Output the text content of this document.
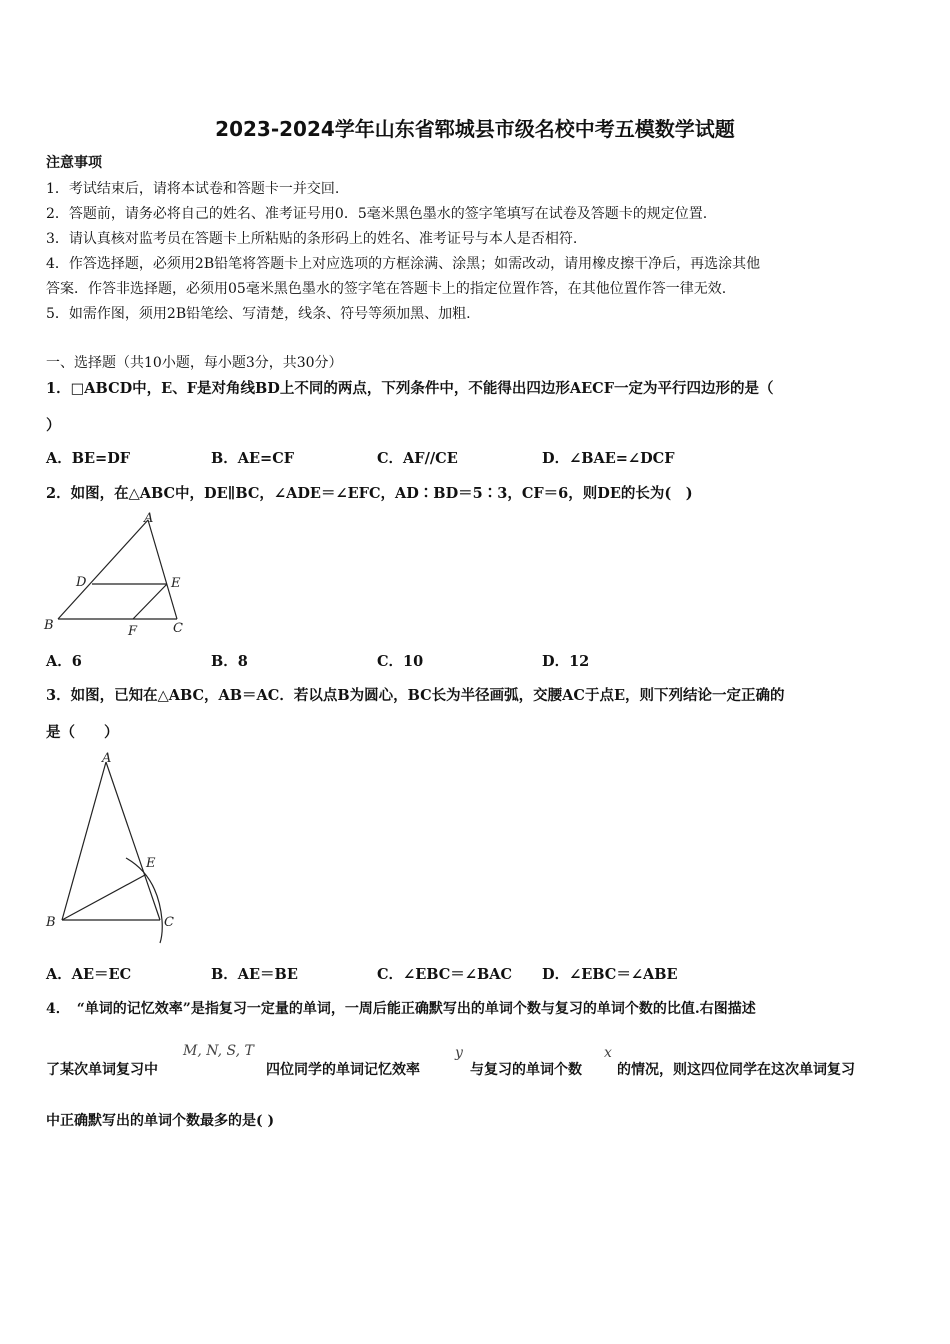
2023-2024学年山东省郓城县市级名校中考五模数学试题
注意事项
1．考试结束后，请将本试卷和答题卡一并交回.
2．答题前，请务必将自己的姓名、准考证号用0．5毫米黑色墨水的签字笔填写在试卷及答题卡的规定位置.
3．请认真核对监考员在答题卡上所粘贴的条形码上的姓名、准考证号与本人是否相符.
4．作答选择题，必须用2B铅笔将答题卡上对应选项的方框涂满、涂黑；如需改动，请用橡皮擦干净后，再选涂其他
答案．作答非选择题，必须用05毫米黑色墨水的签字笔在答题卡上的指定位置作答，在其他位置作答一律无效.
5．如需作图，须用2B铅笔绘、写清楚，线条、符号等须加黑、加粗.
一、选择题（共10小题，每小题3分，共30分）
1．□ABCD中，E、F是对角线BD上不同的两点，下列条件中，不能得出四边形AECF一定为平行四边形的是（
）
A．BE=DF	B．AE=CF	C．AF//CE	D．∠BAE=∠DCF
2．如图，在△ABC中，DE∥BC，∠ADE＝∠EFC，AD∶BD＝5∶3，CF＝6，则DE的长为(　)
A
D	E
B	F	C
A．6	B．8	C．10	D．12
3．如图，已知在△ABC，AB＝AC．若以点B为圆心，BC长为半径画弧，交腰AC于点E，则下列结论一定正确的
是（　　）
A
E
B	C
A．AE＝EC	B．AE＝BE	C．∠EBC＝∠BAC D．∠EBC＝∠ABE
4．　“单词的记忆效率”是指复习一定量的单词，一周后能正确默写出的单词个数与复习的单词个数的比值.右图描述
了某次单词复习中
M, N, S, T
四位同学的单词记忆效率
y
与复习的单词个数
x
的情况，则这四位同学在这次单词复习
中正确默写出的单词个数最多的是( )
